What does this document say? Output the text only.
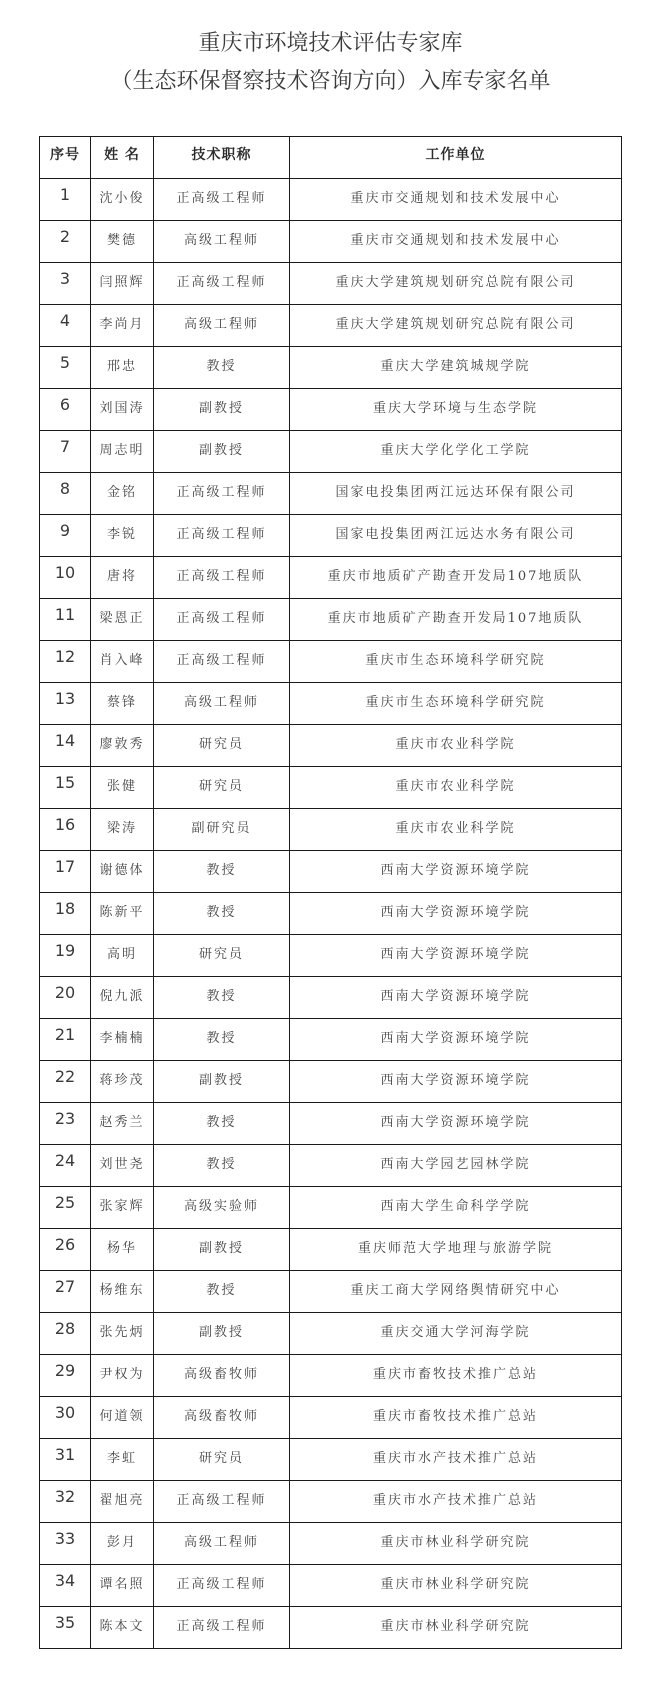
重庆市环境技术评估专家库
（生态环保督察技术咨询方向）入库专家名单
序号	姓 名	技术职称	工作单位
1	沈小俊	正高级工程师	重庆市交通规划和技术发展中心
2	樊德	高级工程师	重庆市交通规划和技术发展中心
3	闫照辉	正高级工程师	重庆大学建筑规划研究总院有限公司
4	李尚月	高级工程师	重庆大学建筑规划研究总院有限公司
5	邢忠	教授	重庆大学建筑城规学院
6	刘国涛	副教授	重庆大学环境与生态学院
7	周志明	副教授	重庆大学化学化工学院
8	金铭	正高级工程师	国家电投集团两江远达环保有限公司
9	李锐	正高级工程师	国家电投集团两江远达水务有限公司
10	唐将	正高级工程师	重庆市地质矿产勘查开发局107地质队
11	梁恩正	正高级工程师	重庆市地质矿产勘查开发局107地质队
12	肖入峰	正高级工程师	重庆市生态环境科学研究院
13	蔡锋	高级工程师	重庆市生态环境科学研究院
14	廖敦秀	研究员	重庆市农业科学院
15	张健	研究员	重庆市农业科学院
16	梁涛	副研究员	重庆市农业科学院
17	谢德体	教授	西南大学资源环境学院
18	陈新平	教授	西南大学资源环境学院
19	高明	研究员	西南大学资源环境学院
20	倪九派	教授	西南大学资源环境学院
21	李楠楠	教授	西南大学资源环境学院
22	蒋珍茂	副教授	西南大学资源环境学院
23	赵秀兰	教授	西南大学资源环境学院
24	刘世尧	教授	西南大学园艺园林学院
25	张家辉	高级实验师	西南大学生命科学学院
26	杨华	副教授	重庆师范大学地理与旅游学院
27	杨维东	教授	重庆工商大学网络舆情研究中心
28	张先炳	副教授	重庆交通大学河海学院
29	尹权为	高级畜牧师	重庆市畜牧技术推广总站
30	何道领	高级畜牧师	重庆市畜牧技术推广总站
31	李虹	研究员	重庆市水产技术推广总站
32	翟旭亮	正高级工程师	重庆市水产技术推广总站
33	彭月	高级工程师	重庆市林业科学研究院
34	谭名照	正高级工程师	重庆市林业科学研究院
35	陈本文	正高级工程师	重庆市林业科学研究院
